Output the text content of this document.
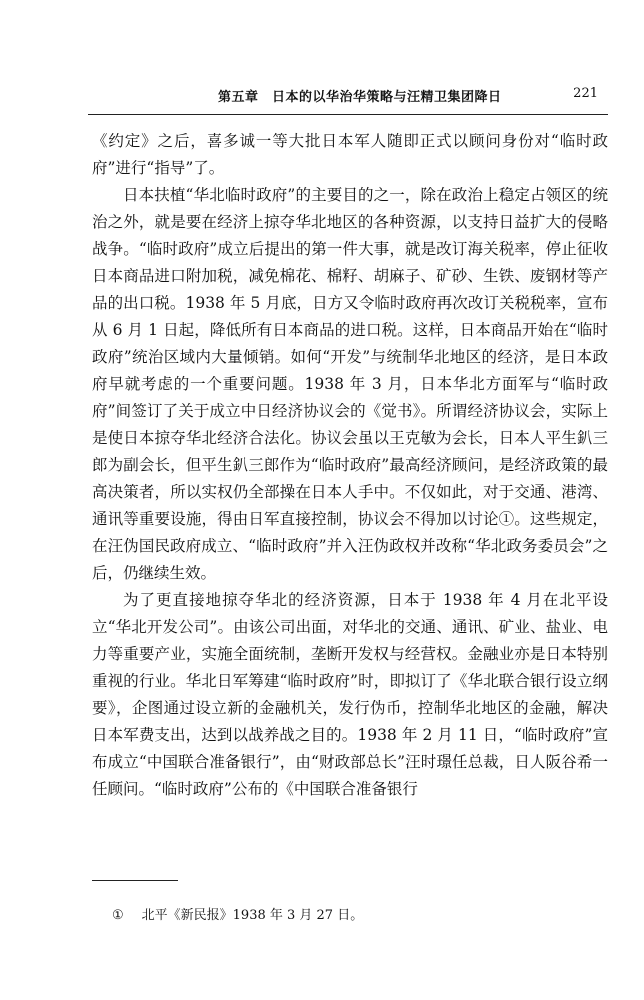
第五章　日本的以华治华策略与汪精卫集团降日	221

《约定》之后，喜多诚一等大批日本军人随即正式以顾问身份对“临时政府”进行“指导”了。

日本扶植“华北临时政府”的主要目的之一，除在政治上稳定占领区的统治之外，就是要在经济上掠夺华北地区的各种资源，以支持日益扩大的侵略战争。“临时政府”成立后提出的第一件大事，就是改订海关税率，停止征收日本商品进口附加税，减免棉花、棉籽、胡麻子、矿砂、生铁、废钢材等产品的出口税。1938 年 5 月底，日方又令临时政府再次改订关税税率，宣布从 6 月 1 日起，降低所有日本商品的进口税。这样，日本商品开始在“临时政府”统治区域内大量倾销。如何“开发”与统制华北地区的经济，是日本政府早就考虑的一个重要问题。1938 年 3 月，日本华北方面军与“临时政府”间签订了关于成立中日经济协议会的《觉书》。所谓经济协议会，实际上是使日本掠夺华北经济合法化。协议会虽以王克敏为会长，日本人平生釟三郎为副会长，但平生釟三郎作为“临时政府”最高经济顾问，是经济政策的最高决策者，所以实权仍全部操在日本人手中。不仅如此，对于交通、港湾、通讯等重要设施，得由日军直接控制，协议会不得加以讨论①。这些规定，在汪伪国民政府成立、“临时政府”并入汪伪政权并改称“华北政务委员会”之后，仍继续生效。

为了更直接地掠夺华北的经济资源，日本于 1938 年 4 月在北平设立“华北开发公司”。由该公司出面，对华北的交通、通讯、矿业、盐业、电力等重要产业，实施全面统制，垄断开发权与经营权。金融业亦是日本特别重视的行业。华北日军筹建“临时政府”时，即拟订了《华北联合银行设立纲要》，企图通过设立新的金融机关，发行伪币，控制华北地区的金融，解决日本军费支出，达到以战养战之目的。1938 年 2 月 11 日，“临时政府”宣布成立“中国联合准备银行”，由“财政部总长”汪时璟任总裁，日人阪谷希一任顾问。“临时政府”公布的《中国联合准备银行

① 北平《新民报》1938 年 3 月 27 日。
